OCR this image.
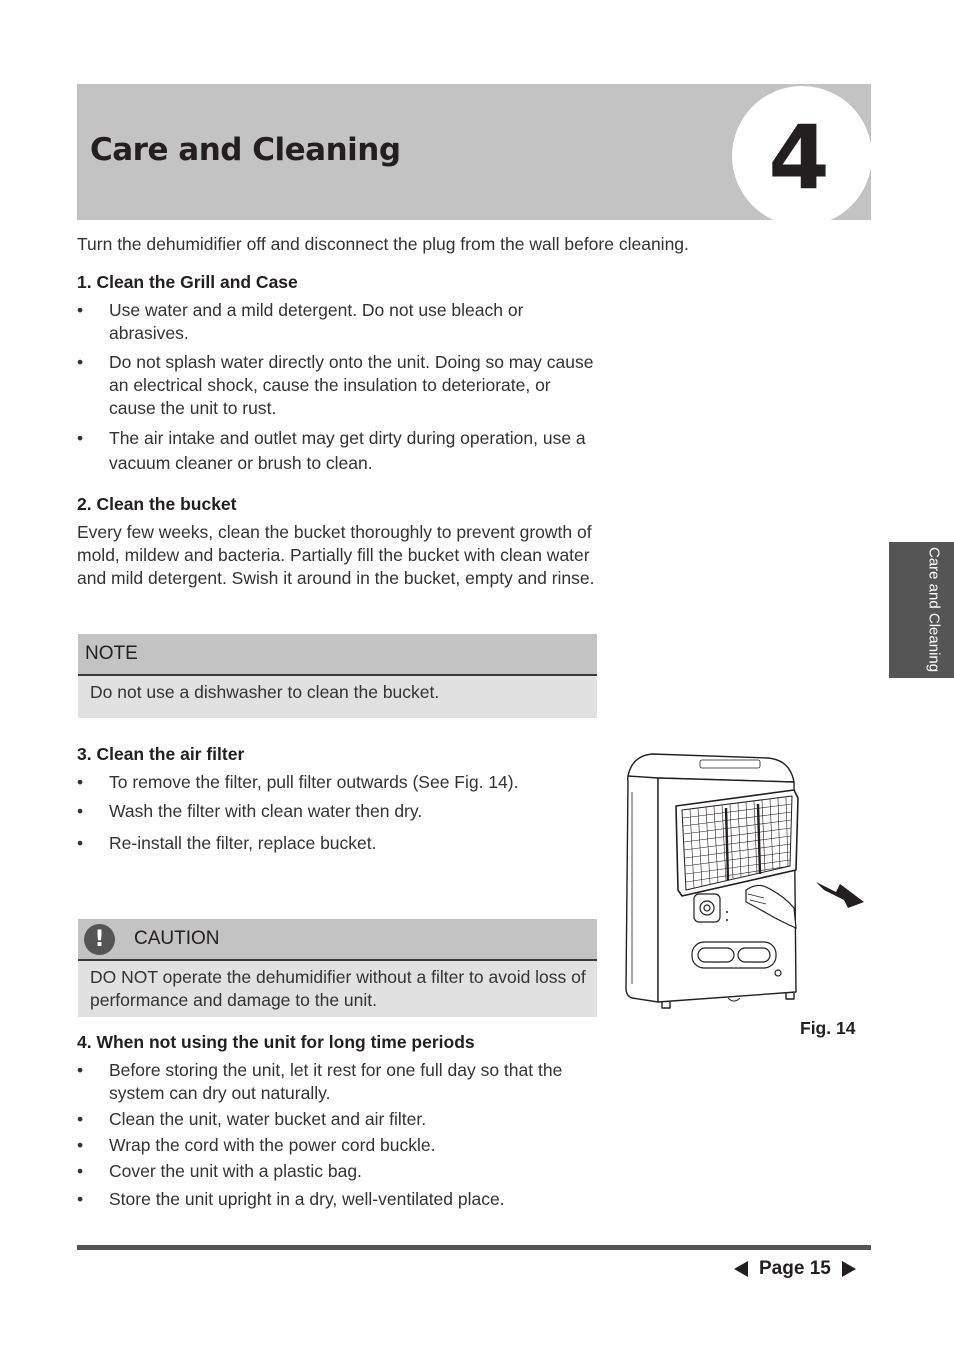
Care and Cleaning	4
Turn the dehumidifier off and disconnect the plug from the wall before cleaning.
1. Clean the Grill and Case
• Use water and a mild detergent. Do not use bleach or abrasives.
• Do not splash water directly onto the unit. Doing so may cause an electrical shock, cause the insulation to deteriorate, or cause the unit to rust.
• The air intake and outlet may get dirty during operation, use a vacuum cleaner or brush to clean.
2. Clean the bucket
Every few weeks, clean the bucket thoroughly to prevent growth of mold, mildew and bacteria. Partially fill the bucket with clean water and mild detergent. Swish it around in the bucket, empty and rinse.
NOTE
Do not use a dishwasher to clean the bucket.
3. Clean the air filter
• To remove the filter, pull filter outwards (See Fig. 14).
• Wash the filter with clean water then dry.
• Re-install the filter, replace bucket.
!	CAUTION
DO NOT operate the dehumidifier without a filter to avoid loss of performance and damage to the unit.
4. When not using the unit for long time periods
• Before storing the unit, let it rest for one full day so that the system can dry out naturally.
• Clean the unit, water bucket and air filter.
• Wrap the cord with the power cord buckle.
• Cover the unit with a plastic bag.
• Store the unit upright in a dry, well-ventilated place.
Fig. 14
Care and Cleaning
Page 15
